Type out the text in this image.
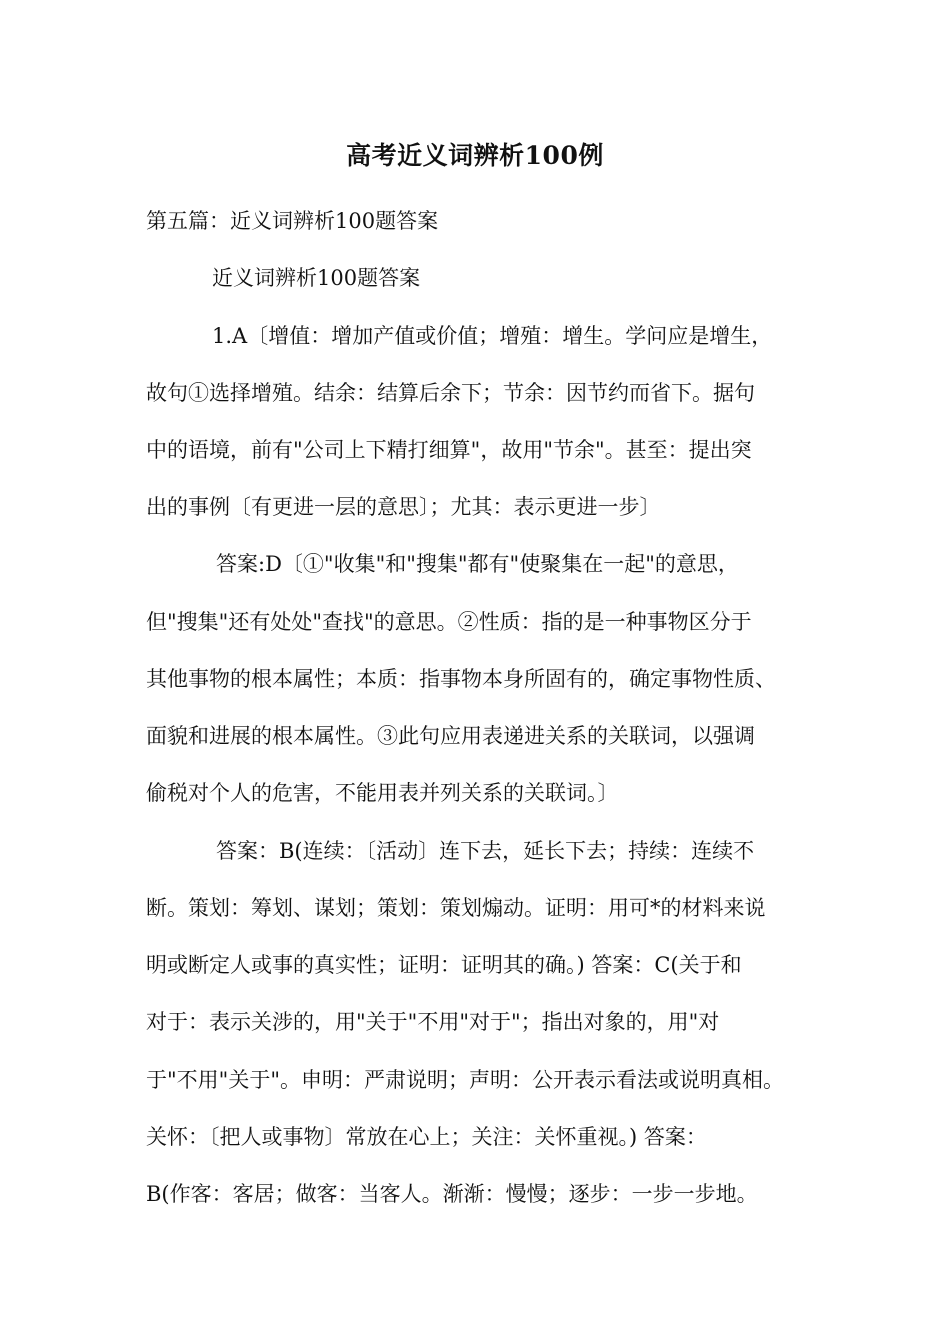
高考近义词辨析100例

第五篇：近义词辨析100题答案

近义词辨析100题答案

1.A〔增值：增加产值或价值；增殖：增生。学问应是增生，

故句①选择增殖。结余：结算后余下；节余：因节约而省下。据句

中的语境，前有"公司上下精打细算"，故用"节余"。甚至：提出突

出的事例〔有更进一层的意思〕；尤其：表示更进一步〕

答案:D〔①"收集"和"搜集"都有"使聚集在一起"的意思，

但"搜集"还有处处"查找"的意思。②性质：指的是一种事物区分于

其他事物的根本属性；本质：指事物本身所固有的，确定事物性质、

面貌和进展的根本属性。③此句应用表递进关系的关联词，以强调

偷税对个人的危害，不能用表并列关系的关联词。〕

答案：B(连续：〔活动〕连下去，延长下去；持续：连续不

断。策划：筹划、谋划；策划：策划煽动。证明：用可*的材料来说

明或断定人或事的真实性；证明：证明其的确。) 答案：C(关于和

对于：表示关涉的，用"关于"不用"对于"；指出对象的，用"对

于"不用"关于"。申明：严肃说明；声明：公开表示看法或说明真相。

关怀：〔把人或事物〕常放在心上；关注：关怀重视。) 答案：

B(作客：客居；做客：当客人。渐渐：慢慢；逐步：一步一步地。
